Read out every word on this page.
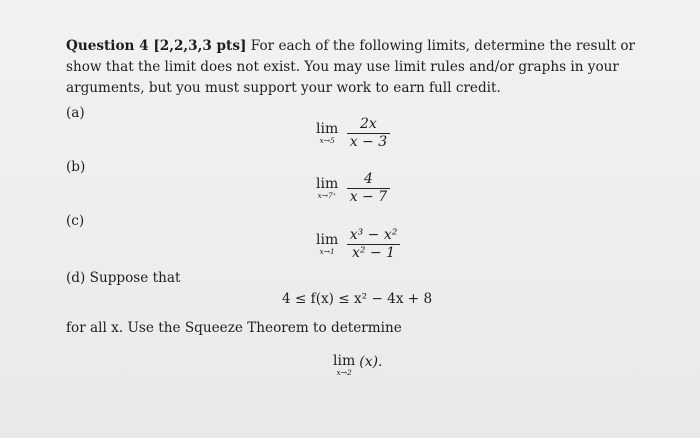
Question 4 [2,2,3,3 pts] For each of the following limits, determine the result or show that the limit does not exist. You may use limit rules and/or graphs in your arguments, but you must support your work to earn full credit.
(a)
lim
x→5
$\frac{2x}{x - 3}$
(b)
lim
x→7⁺
$\frac{4}{x - 7}$
(c)
lim
x→1
$\frac{\text{x³ − x²}}{\text{x² − 1}}$
(d) Suppose that
4 ≤ f(x) ≤ x² − 4x + 8
for all x. Use the Squeeze Theorem to determine
lim
x→2
(x).
